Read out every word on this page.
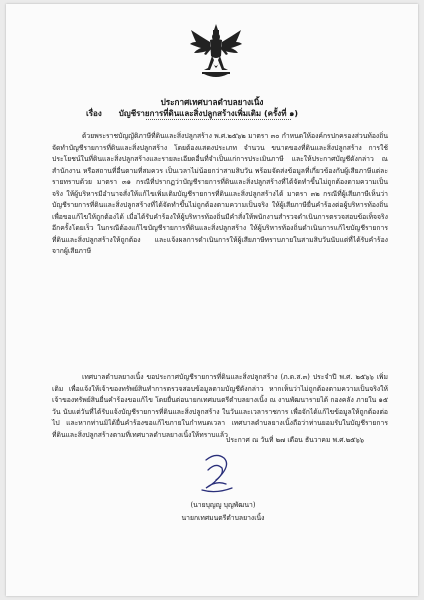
ประกาศเทศบาลตำบลยางเนิ้ง
เรื่อง บัญชีรายการที่ดินและสิ่งปลูกสร้างเพิ่มเติม (ครั้งที่ ๑)

ด้วยพระราชบัญญัติภาษีที่ดินและสิ่งปลูกสร้าง พ.ศ.๒๕๖๒ มาตรา ๓๐ กำหนดให้องค์กรปกครองส่วนท้องถิ่นจัดทำบัญชีรายการที่ดินและสิ่งปลูกสร้าง โดยต้องแสดงประเภท จำนวน ขนาดของที่ดินและสิ่งปลูกสร้าง การใช้ประโยชน์ในที่ดินและสิ่งปลูกสร้างและรายละเอียดอื่นที่จำเป็นแก่การประเมินภาษี และให้ประกาศบัญชีดังกล่าว ณ สำนักงาน หรือสถานที่อื่นตามที่สมควร เป็นเวลาไม่น้อยกว่าสามสิบวัน พร้อมจัดส่งข้อมูลที่เกี่ยวข้องกับผู้เสียภาษีแต่ละรายทราบด้วย มาตรา ๓๑ กรณีที่ปรากฏว่าบัญชีรายการที่ดินและสิ่งปลูกสร้างที่ได้จัดทำขึ้นไม่ถูกต้องตามความเป็นจริง ให้ผู้บริหารมีอำนาจสั่งให้แก้ไขเพิ่มเติมบัญชีรายการที่ดินและสิ่งปลูกสร้างได้ มาตรา ๓๒ กรณีที่ผู้เสียภาษีเห็นว่าบัญชีรายการที่ดินและสิ่งปลูกสร้างที่ได้จัดทำขึ้นไม่ถูกต้องตามความเป็นจริง ให้ผู้เสียภาษียื่นคำร้องต่อผู้บริหารท้องถิ่นเพื่อขอแก้ไขให้ถูกต้องได้ เมื่อได้รับคำร้องให้ผู้บริหารท้องถิ่นมีคำสั่งให้พนักงานสำรวจดำเนินการตรวจสอบข้อเท็จจริงอีกครั้งโดยเร็ว ในกรณีต้องแก้ไขบัญชีรายการที่ดินและสิ่งปลูกสร้าง ให้ผู้บริหารท้องถิ่นดำเนินการแก้ไขบัญชีรายการที่ดินและสิ่งปลูกสร้างให้ถูกต้อง และแจ้งผลการดำเนินการให้ผู้เสียภาษีทราบภายในสามสิบวันนับแต่ที่ได้รับคำร้องจากผู้เสียภาษี

เทศบาลตำบลยางเนิ้ง ขอประกาศบัญชีรายการที่ดินและสิ่งปลูกสร้าง (ภ.ด.ส.๓) ประจำปี พ.ศ. ๒๕๖๖ เพิ่มเติม เพื่อแจ้งให้เจ้าของทรัพย์สินทำการตรวจสอบข้อมูลตามบัญชีดังกล่าว หากเห็นว่าไม่ถูกต้องตามความเป็นจริงให้เจ้าของทรัพย์สินยื่นคำร้องขอแก้ไข โดยยื่นต่อนายกเทศมนตรีตำบลยางเนิ้ง ณ งานพัฒนารายได้ กองคลัง ภายใน ๑๕ วัน นับแต่วันที่ได้รับแจ้งบัญชีรายการที่ดินและสิ่งปลูกสร้าง ในวันและเวลาราชการ เพื่อจักได้แก้ไขข้อมูลให้ถูกต้องต่อไป และหากท่านมิได้ยื่นคำร้องขอแก้ไขภายในกำหนดเวลา เทศบาลตำบลยางเนิ้งถือว่าท่านยอมรับในบัญชีรายการที่ดินและสิ่งปลูกสร้างตามที่เทศบาลตำบลยางเนิ้งให้ทราบแล้ว

ประกาศ ณ วันที่ ๒๗ เดือน ธันวาคม พ.ศ.๒๕๖๖
(นายบุญญู บุญพัฒนา)
นายกเทศมนตรีตำบลยางเนิ้ง
